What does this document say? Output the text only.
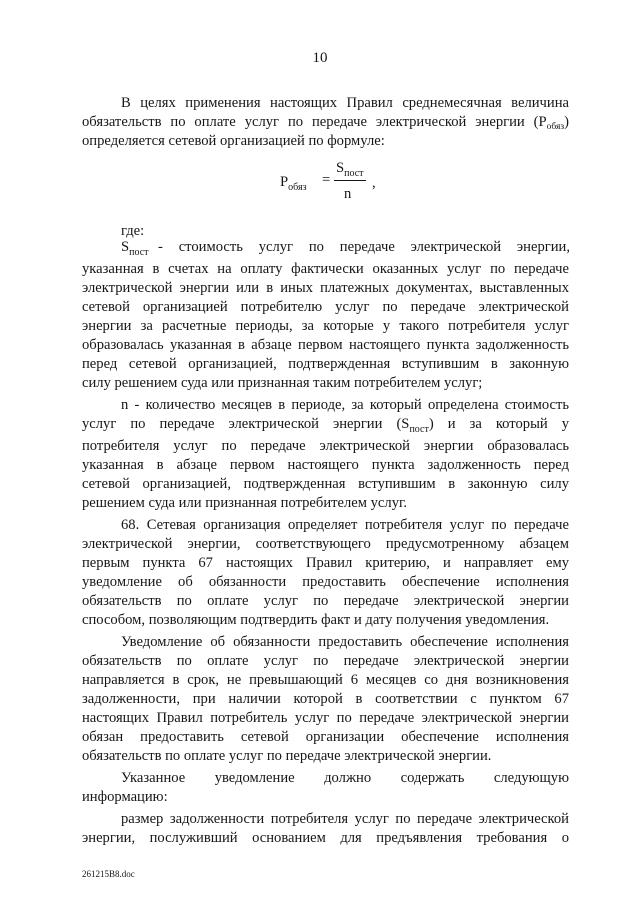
10
В целях применения настоящих Правил среднемесячная величина
обязательств по оплате услуг по передаче электрической энергии $(Р_{обяз})$
определяется сетевой организацией по формуле:
$Р_{обяз}$ =
$S_{пост}$
n
,
где:
$S_{пост}$ - стоимость услуг по передаче электрической энергии,
указанная в счетах на оплату фактически оказанных услуг по передаче
электрической энергии или в иных платежных документах, выставленных
сетевой организацией потребителю услуг по передаче электрической
энергии за расчетные периоды, за которые у такого потребителя услуг
образовалась указанная в абзаце первом настоящего пункта задолженность
перед сетевой организацией, подтвержденная вступившим в законную
силу решением суда или признанная таким потребителем услуг;
n - количество месяцев в периоде, за который определена стоимость
услуг по передаче электрической энергии $(S_{пост})$ и за который у
потребителя услуг по передаче электрической энергии образовалась
указанная в абзаце первом настоящего пункта задолженность перед
сетевой организацией, подтвержденная вступившим в законную силу
решением суда или признанная потребителем услуг.
68. Сетевая организация определяет потребителя услуг по передаче
электрической энергии, соответствующего предусмотренному абзацем
первым пункта 67 настоящих Правил критерию, и направляет ему
уведомление об обязанности предоставить обеспечение исполнения
обязательств по оплате услуг по передаче электрической энергии
способом, позволяющим подтвердить факт и дату получения уведомления.
Уведомление об обязанности предоставить обеспечение исполнения
обязательств по оплате услуг по передаче электрической энергии
направляется в срок, не превышающий 6 месяцев со дня возникновения
задолженности, при наличии которой в соответствии с пунктом 67
настоящих Правил потребитель услуг по передаче электрической энергии
обязан предоставить сетевой организации обеспечение исполнения
обязательств по оплате услуг по передаче электрической энергии.
Указанное уведомление должно содержать следующую
информацию:
размер задолженности потребителя услуг по передаче электрической
энергии, послуживший основанием для предъявления требования о
261215В8.doc
